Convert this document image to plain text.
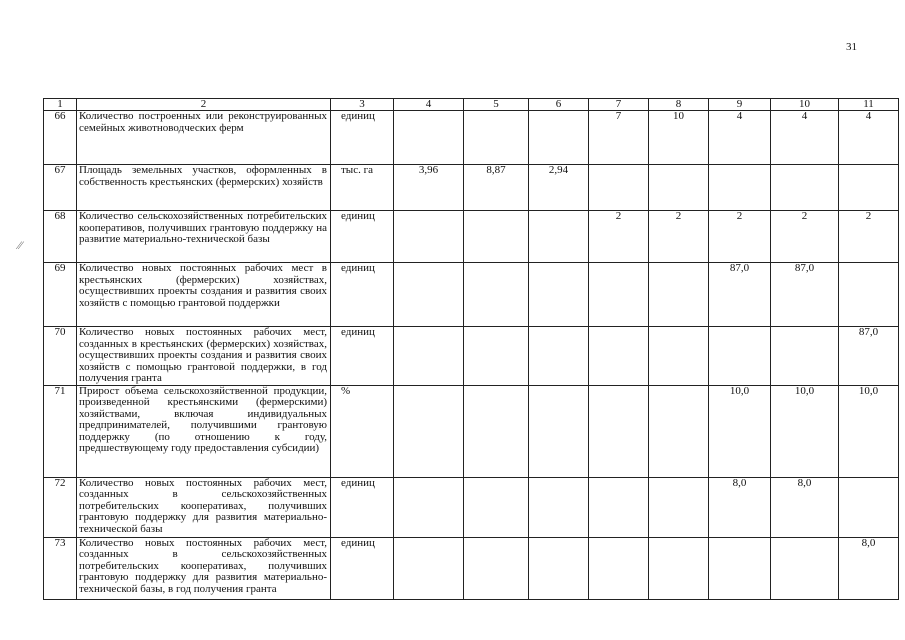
31
1	2	3	4	5	6	7	8	9	10	11
66	Количество построенных или реконструированных семейных животноводческих ферм	единиц				7	10	4	4	4
67	Площадь земельных участков, оформленных в собственность крестьянских (фермерских) хозяйств	тыс. га	3,96	8,87	2,94					
68	Количество сельскохозяйственных потребительских кооперативов, получивших грантовую поддержку на развитие материально-технической базы	единиц				2	2	2	2	2
69	Количество новых постоянных рабочих мест в крестьянских (фермерских) хозяйствах, осуществивших проекты создания и развития своих хозяйств с помощью грантовой поддержки	единиц						87,0	87,0	
70	Количество новых постоянных рабочих мест, созданных в крестьянских (фермерских) хозяйствах, осуществивших проекты создания и развития своих хозяйств с помощью грантовой поддержки, в год получения гранта	единиц								87,0
71	Прирост объема сельскохозяйственной продукции, произведенной крестьянскими (фермерскими) хозяйствами, включая индивидуальных предпринимателей, получившими грантовую поддержку (по отношению к году, предшествующему году предоставления субсидии)	%						10,0	10,0	10,0
72	Количество новых постоянных рабочих мест, созданных в сельскохозяйственных потребительских кооперативах, получивших грантовую поддержку для развития материально-технической базы	единиц						8,0	8,0	
73	Количество новых постоянных рабочих мест, созданных в сельскохозяйственных потребительских кооперативах, получивших грантовую поддержку для развития материально-технической базы, в год получения гранта	единиц								8,0
⁄⁄
